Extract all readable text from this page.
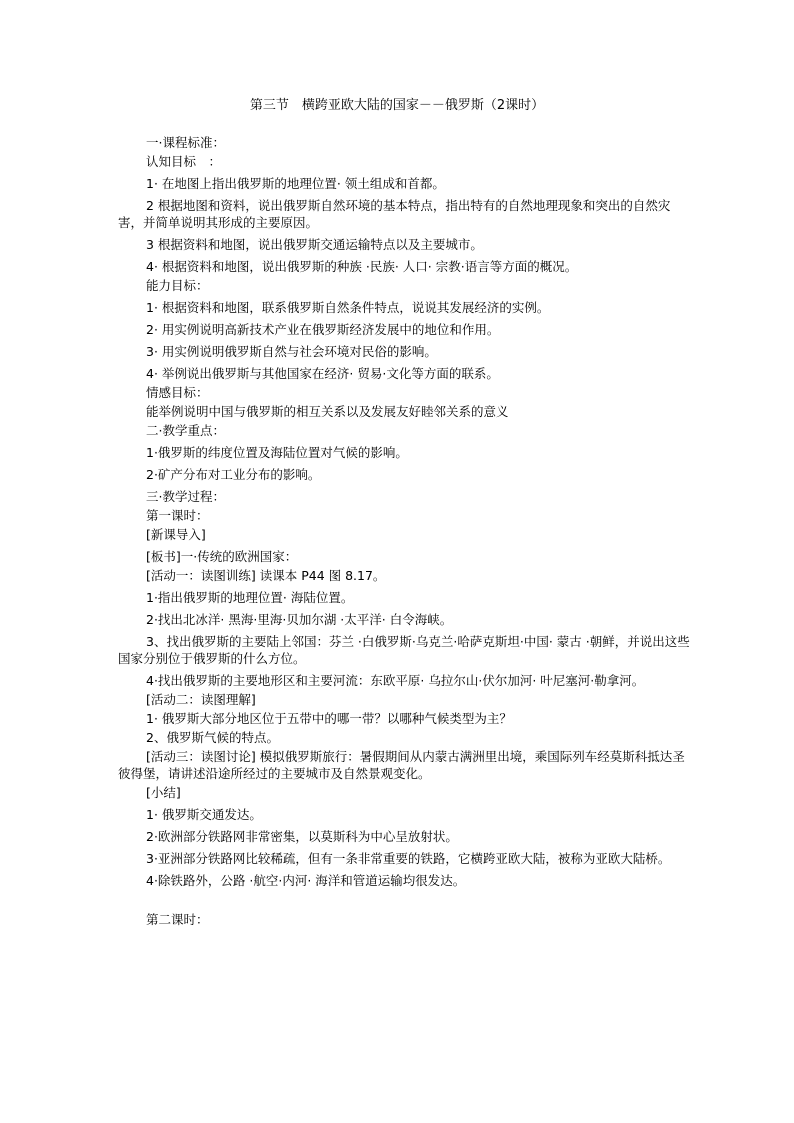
第三节　横跨亚欧大陆的国家－－俄罗斯（2课时）

一·课程标准：

认知目标　：

1· 在地图上指出俄罗斯的地理位置· 领土组成和首都。

2 根据地图和资料，说出俄罗斯自然环境的基本特点，指出特有的自然地理现象和突出的自然灾害，并简单说明其形成的主要原因。

3 根据资料和地图，说出俄罗斯交通运输特点以及主要城市。

4· 根据资料和地图，说出俄罗斯的种族 ·民族· 人口· 宗教·语言等方面的概况。

能力目标：

1· 根据资料和地图，联系俄罗斯自然条件特点，说说其发展经济的实例。

2· 用实例说明高新技术产业在俄罗斯经济发展中的地位和作用。

3· 用实例说明俄罗斯自然与社会环境对民俗的影响。

4· 举例说出俄罗斯与其他国家在经济· 贸易·文化等方面的联系。

情感目标：

能举例说明中国与俄罗斯的相互关系以及发展友好睦邻关系的意义

二·教学重点：

1·俄罗斯的纬度位置及海陆位置对气候的影响。

2·矿产分布对工业分布的影响。

三·教学过程：

第一课时：

[新课导入]

[板书]一·传统的欧洲国家：

[活动一：读图训练] 读课本 P44 图 8.17。

1·指出俄罗斯的地理位置· 海陆位置。

2·找出北冰洋· 黑海·里海·贝加尔湖 ·太平洋· 白令海峡。

3、找出俄罗斯的主要陆上邻国：芬兰 ·白俄罗斯·乌克兰·哈萨克斯坦·中国· 蒙古 ·朝鲜，并说出这些国家分别位于俄罗斯的什么方位。

4·找出俄罗斯的主要地形区和主要河流：东欧平原· 乌拉尔山·伏尔加河· 叶尼塞河·勒拿河。

[活动二：读图理解]

1· 俄罗斯大部分地区位于五带中的哪一带？以哪种气候类型为主？

2、俄罗斯气候的特点。

[活动三：读图讨论] 模拟俄罗斯旅行：暑假期间从内蒙古满洲里出境，乘国际列车经莫斯科抵达圣彼得堡，请讲述沿途所经过的主要城市及自然景观变化。

[小结]

1· 俄罗斯交通发达。

2·欧洲部分铁路网非常密集，以莫斯科为中心呈放射状。

3·亚洲部分铁路网比较稀疏，但有一条非常重要的铁路，它横跨亚欧大陆，被称为亚欧大陆桥。

4·除铁路外，公路 ·航空·内河· 海洋和管道运输均很发达。

第二课时：
